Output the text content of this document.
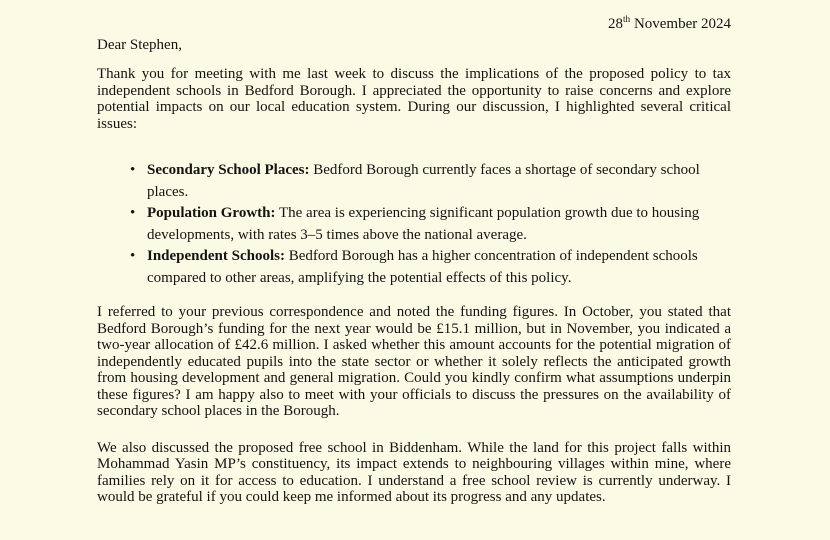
28th November 2024
Dear Stephen,

Thank you for meeting with me last week to discuss the implications of the proposed policy to tax independent schools in Bedford Borough. I appreciated the opportunity to raise concerns and explore potential impacts on our local education system. During our discussion, I highlighted several critical issues:

• Secondary School Places: Bedford Borough currently faces a shortage of secondary school places.
• Population Growth: The area is experiencing significant population growth due to housing developments, with rates 3–5 times above the national average.
• Independent Schools: Bedford Borough has a higher concentration of independent schools compared to other areas, amplifying the potential effects of this policy.

I referred to your previous correspondence and noted the funding figures. In October, you stated that Bedford Borough’s funding for the next year would be £15.1 million, but in November, you indicated a two-year allocation of £42.6 million. I asked whether this amount accounts for the potential migration of independently educated pupils into the state sector or whether it solely reflects the anticipated growth from housing development and general migration. Could you kindly confirm what assumptions underpin these figures? I am happy also to meet with your officials to discuss the pressures on the availability of secondary school places in the Borough.

We also discussed the proposed free school in Biddenham. While the land for this project falls within Mohammad Yasin MP’s constituency, its impact extends to neighbouring villages within mine, where families rely on it for access to education. I understand a free school review is currently underway. I would be grateful if you could keep me informed about its progress and any updates.
